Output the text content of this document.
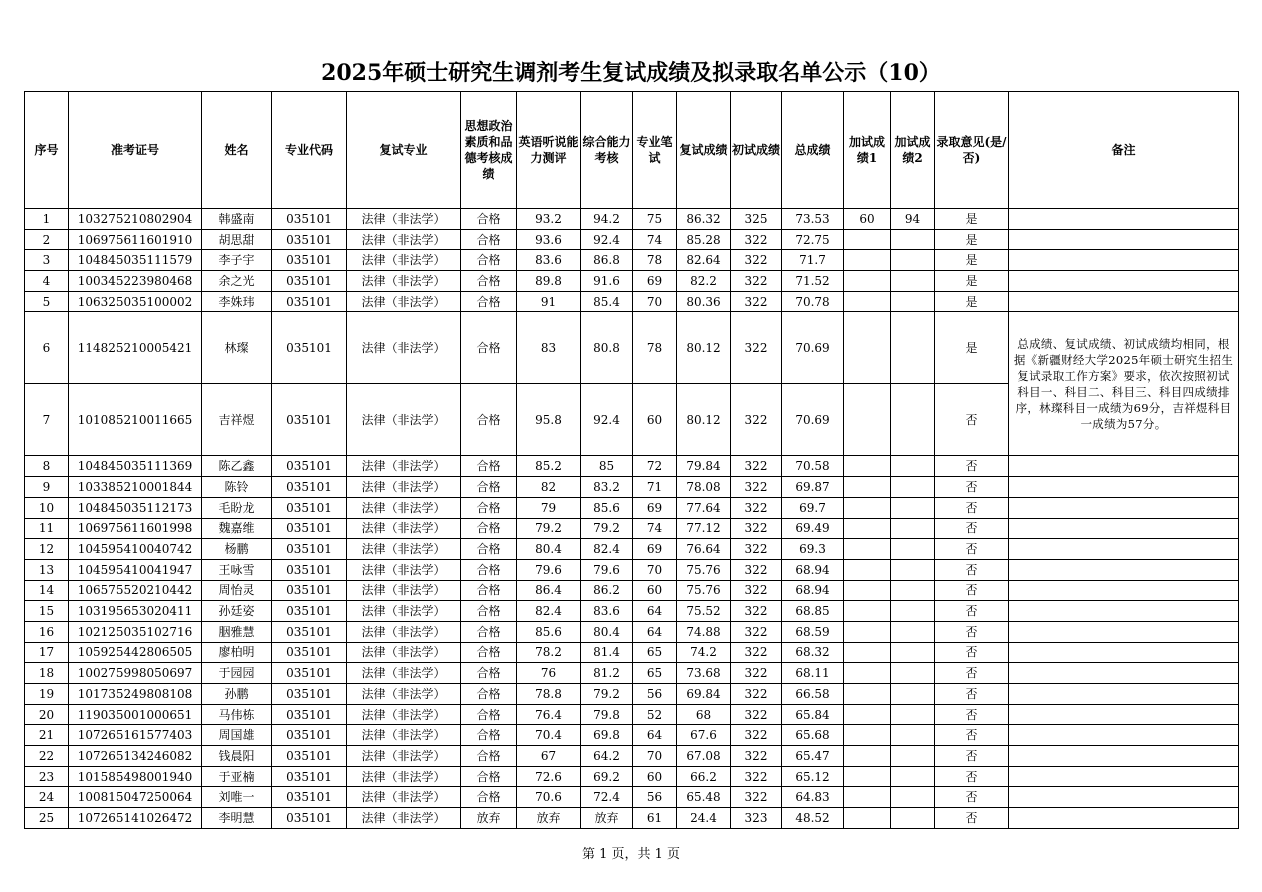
2025年硕士研究生调剂考生复试成绩及拟录取名单公示（10）
序号	准考证号	姓名	专业代码	复试专业	思想政治素质和品德考核成绩	英语听说能力测评	综合能力考核	专业笔试	复试成绩	初试成绩	总成绩	加试成绩1	加试成绩2	录取意见(是/否)	备注
1	103275210802904	韩盛南	035101	法律（非法学）	合格	93.2	94.2	75	86.32	325	73.53	60	94	是	
2	106975611601910	胡思甜	035101	法律（非法学）	合格	93.6	92.4	74	85.28	322	72.75			是	
3	104845035111579	李子宇	035101	法律（非法学）	合格	83.6	86.8	78	82.64	322	71.7			是	
4	100345223980468	余之光	035101	法律（非法学）	合格	89.8	91.6	69	82.2	322	71.52			是	
5	106325035100002	李姝玮	035101	法律（非法学）	合格	91	85.4	70	80.36	322	70.78			是	
6	114825210005421	林璨	035101	法律（非法学）	合格	83	80.8	78	80.12	322	70.69			是	总成绩、复试成绩、初试成绩均相同，根据《新疆财经大学2025年硕士研究生招生复试录取工作方案》要求，依次按照初试科目一、科目二、科目三、科目四成绩排序，林璨科目一成绩为69分，吉祥煜科目一成绩为57分。
7	101085210011665	吉祥煜	035101	法律（非法学）	合格	95.8	92.4	60	80.12	322	70.69			否	
8	104845035111369	陈乙鑫	035101	法律（非法学）	合格	85.2	85	72	79.84	322	70.58			否	
9	103385210001844	陈铃	035101	法律（非法学）	合格	82	83.2	71	78.08	322	69.87			否	
10	104845035112173	毛盼龙	035101	法律（非法学）	合格	79	85.6	69	77.64	322	69.7			否	
11	106975611601998	魏嘉维	035101	法律（非法学）	合格	79.2	79.2	74	77.12	322	69.49			否	
12	104595410040742	杨鹏	035101	法律（非法学）	合格	80.4	82.4	69	76.64	322	69.3			否	
13	104595410041947	王咏雪	035101	法律（非法学）	合格	79.6	79.6	70	75.76	322	68.94			否	
14	106575520210442	周怡灵	035101	法律（非法学）	合格	86.4	86.2	60	75.76	322	68.94			否	
15	103195653020411	孙廷姿	035101	法律（非法学）	合格	82.4	83.6	64	75.52	322	68.85			否	
16	102125035102716	胭雅慧	035101	法律（非法学）	合格	85.6	80.4	64	74.88	322	68.59			否	
17	105925442806505	廖柏明	035101	法律（非法学）	合格	78.2	81.4	65	74.2	322	68.32			否	
18	100275998050697	于园园	035101	法律（非法学）	合格	76	81.2	65	73.68	322	68.11			否	
19	101735249808108	孙鹏	035101	法律（非法学）	合格	78.8	79.2	56	69.84	322	66.58			否	
20	119035001000651	马伟栋	035101	法律（非法学）	合格	76.4	79.8	52	68	322	65.84			否	
21	107265161577403	周国雄	035101	法律（非法学）	合格	70.4	69.8	64	67.6	322	65.68			否	
22	107265134246082	钱晨阳	035101	法律（非法学）	合格	67	64.2	70	67.08	322	65.47			否	
23	101585498001940	于亚楠	035101	法律（非法学）	合格	72.6	69.2	60	66.2	322	65.12			否	
24	100815047250064	刘唯一	035101	法律（非法学）	合格	70.6	72.4	56	65.48	322	64.83			否	
25	107265141026472	李明慧	035101	法律（非法学）	放弃	放弃	放弃	61	24.4	323	48.52			否	
第 1 页，共 1 页
